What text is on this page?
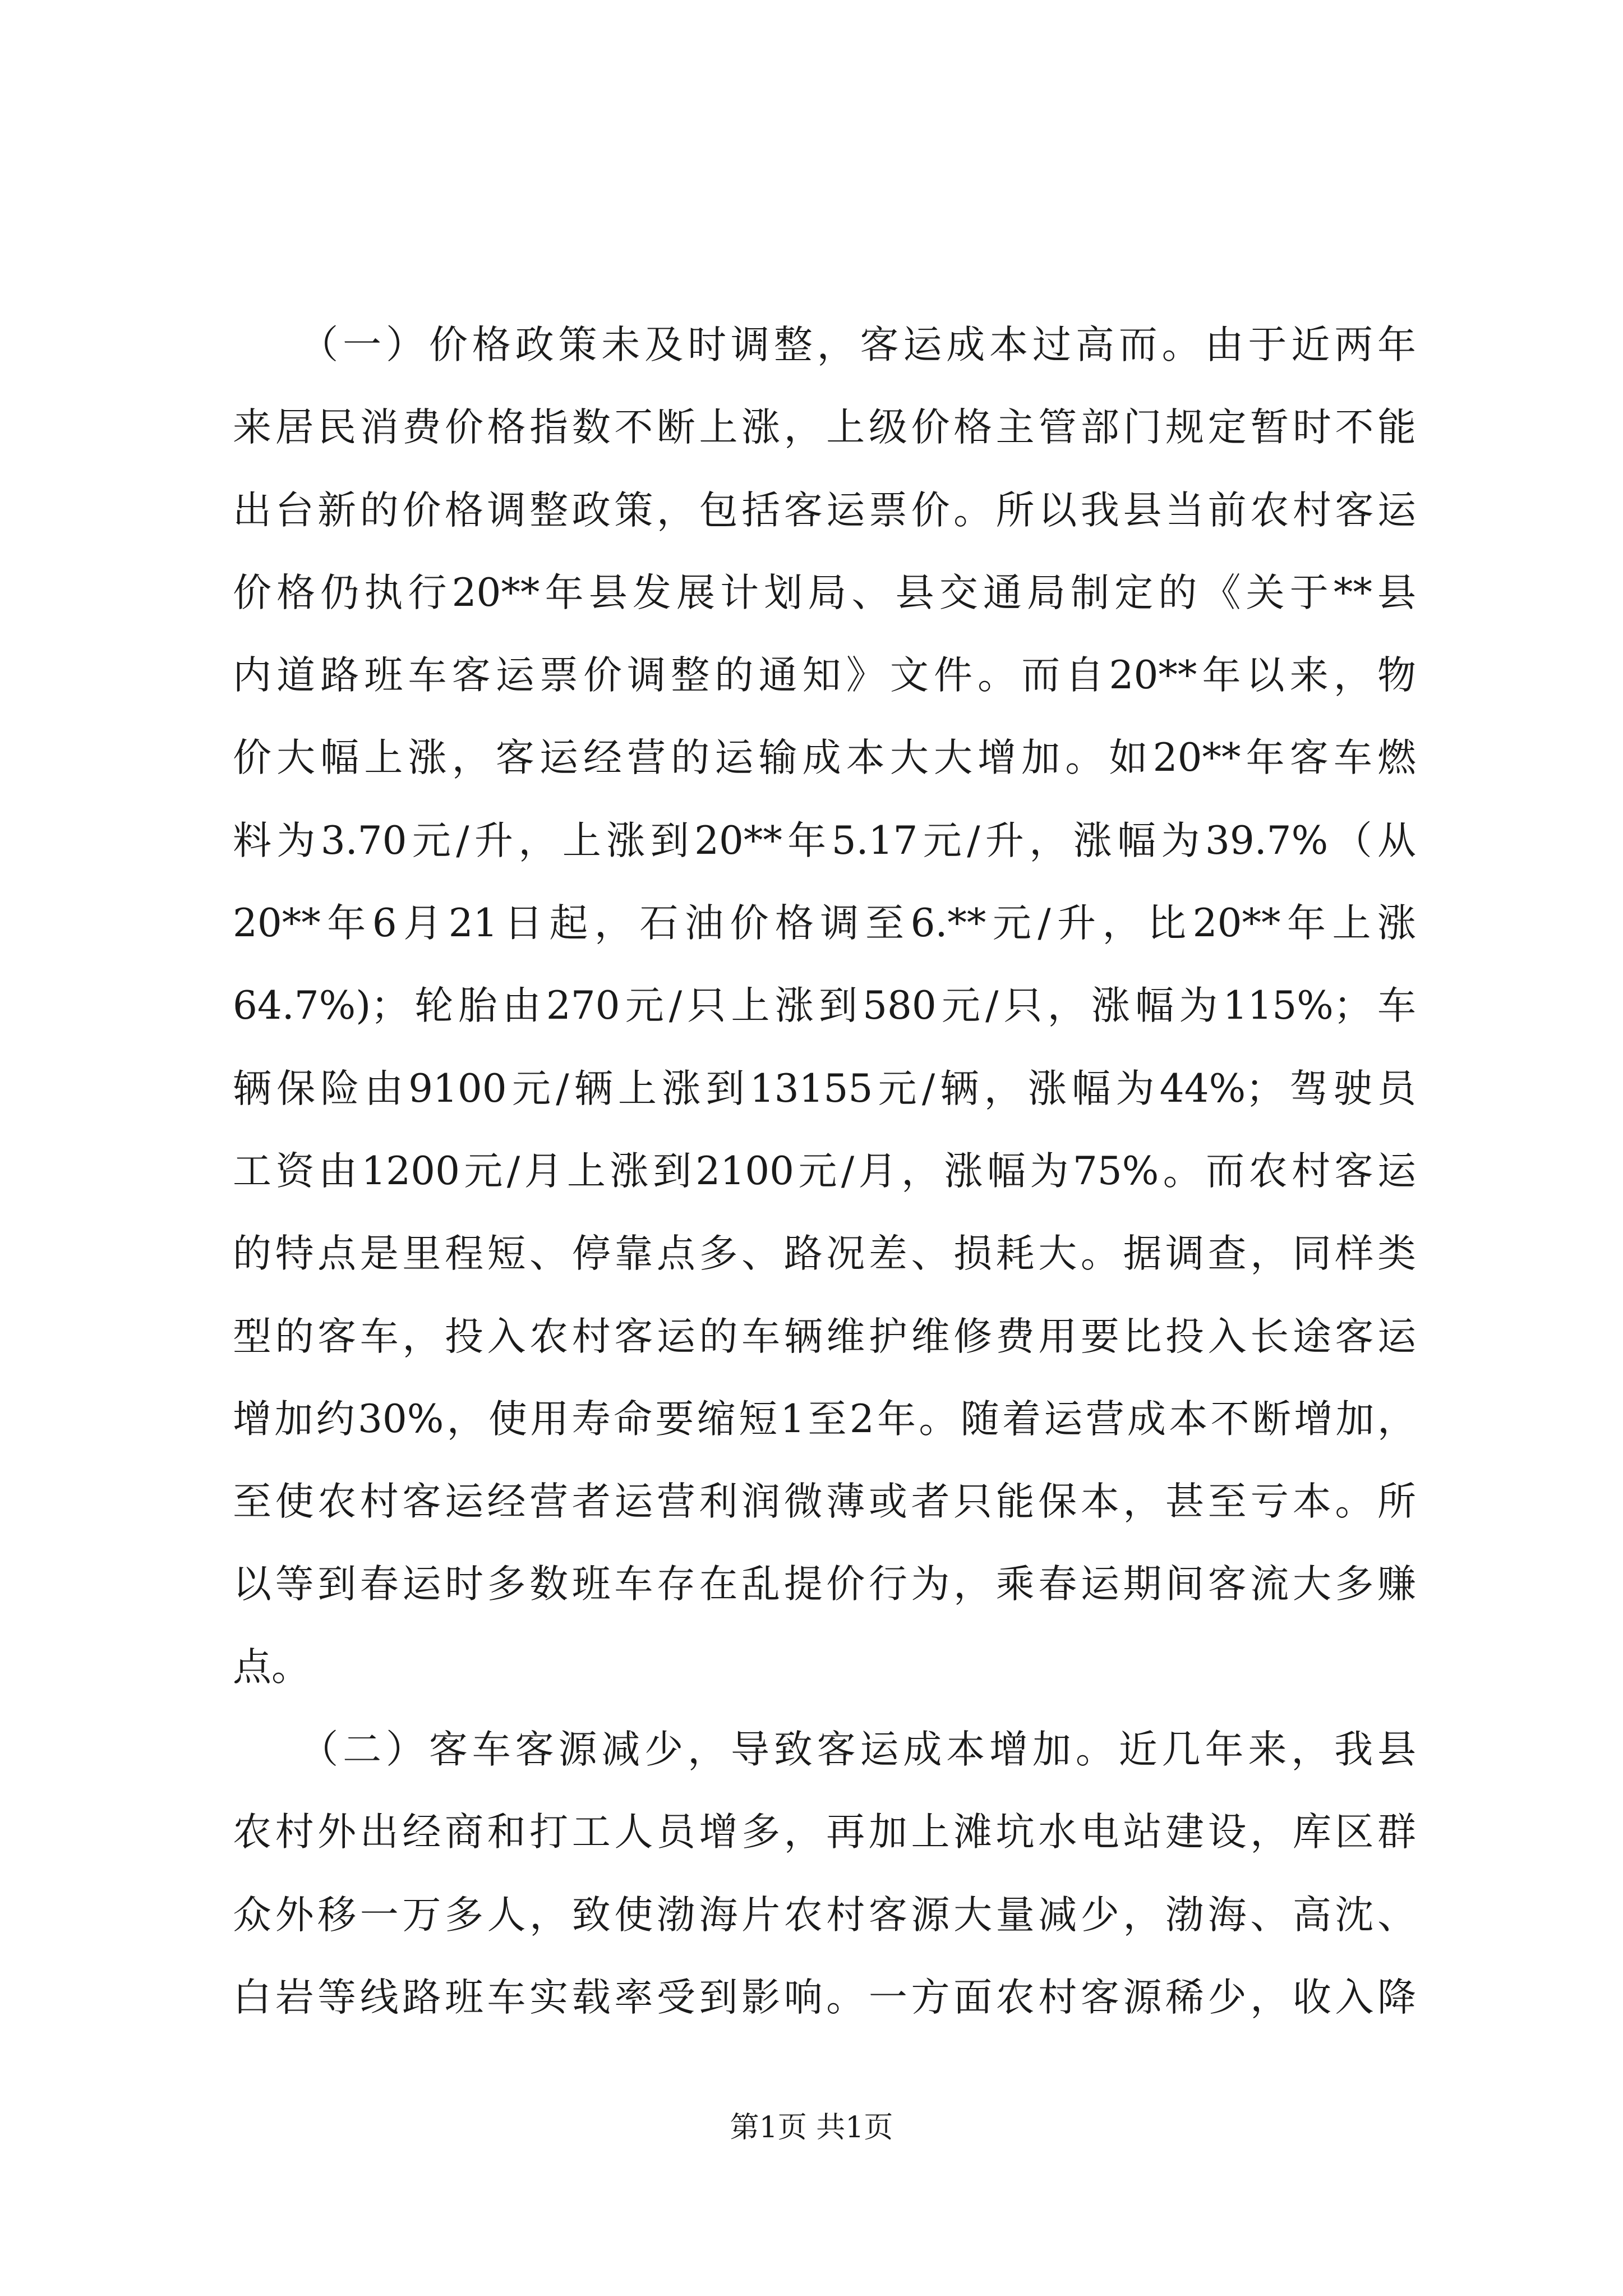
　　（一）价格政策未及时调整，客运成本过高而。由于近两年
来居民消费价格指数不断上涨，上级价格主管部门规定暂时不能
出台新的价格调整政策，包括客运票价。所以我县当前农村客运
价格仍执行20**年县发展计划局、县交通局制定的《关于**县
内道路班车客运票价调整的通知》文件。而自20**年以来，物
价大幅上涨，客运经营的运输成本大大增加。如20**年客车燃
料为3.70元/升，上涨到20**年5.17元/升，涨幅为39.7%（从
20**年6月21日起，石油价格调至6.**元/升，比20**年上涨
64.7%)；轮胎由270元/只上涨到580元/只，涨幅为115%；车
辆保险由9100元/辆上涨到13155元/辆，涨幅为44%；驾驶员
工资由1200元/月上涨到2100元/月，涨幅为75%。而农村客运
的特点是里程短、停靠点多、路况差、损耗大。据调查，同样类
型的客车，投入农村客运的车辆维护维修费用要比投入长途客运
增加约30%，使用寿命要缩短1至2年。随着运营成本不断增加，
至使农村客运经营者运营利润微薄或者只能保本，甚至亏本。所
以等到春运时多数班车存在乱提价行为，乘春运期间客流大多赚
点。
　　（二）客车客源减少，导致客运成本增加。近几年来，我县
农村外出经商和打工人员增多，再加上滩坑水电站建设，库区群
众外移一万多人，致使渤海片农村客源大量减少，渤海、高沈、
白岩等线路班车实载率受到影响。一方面农村客源稀少，收入降
第1页 共1页
